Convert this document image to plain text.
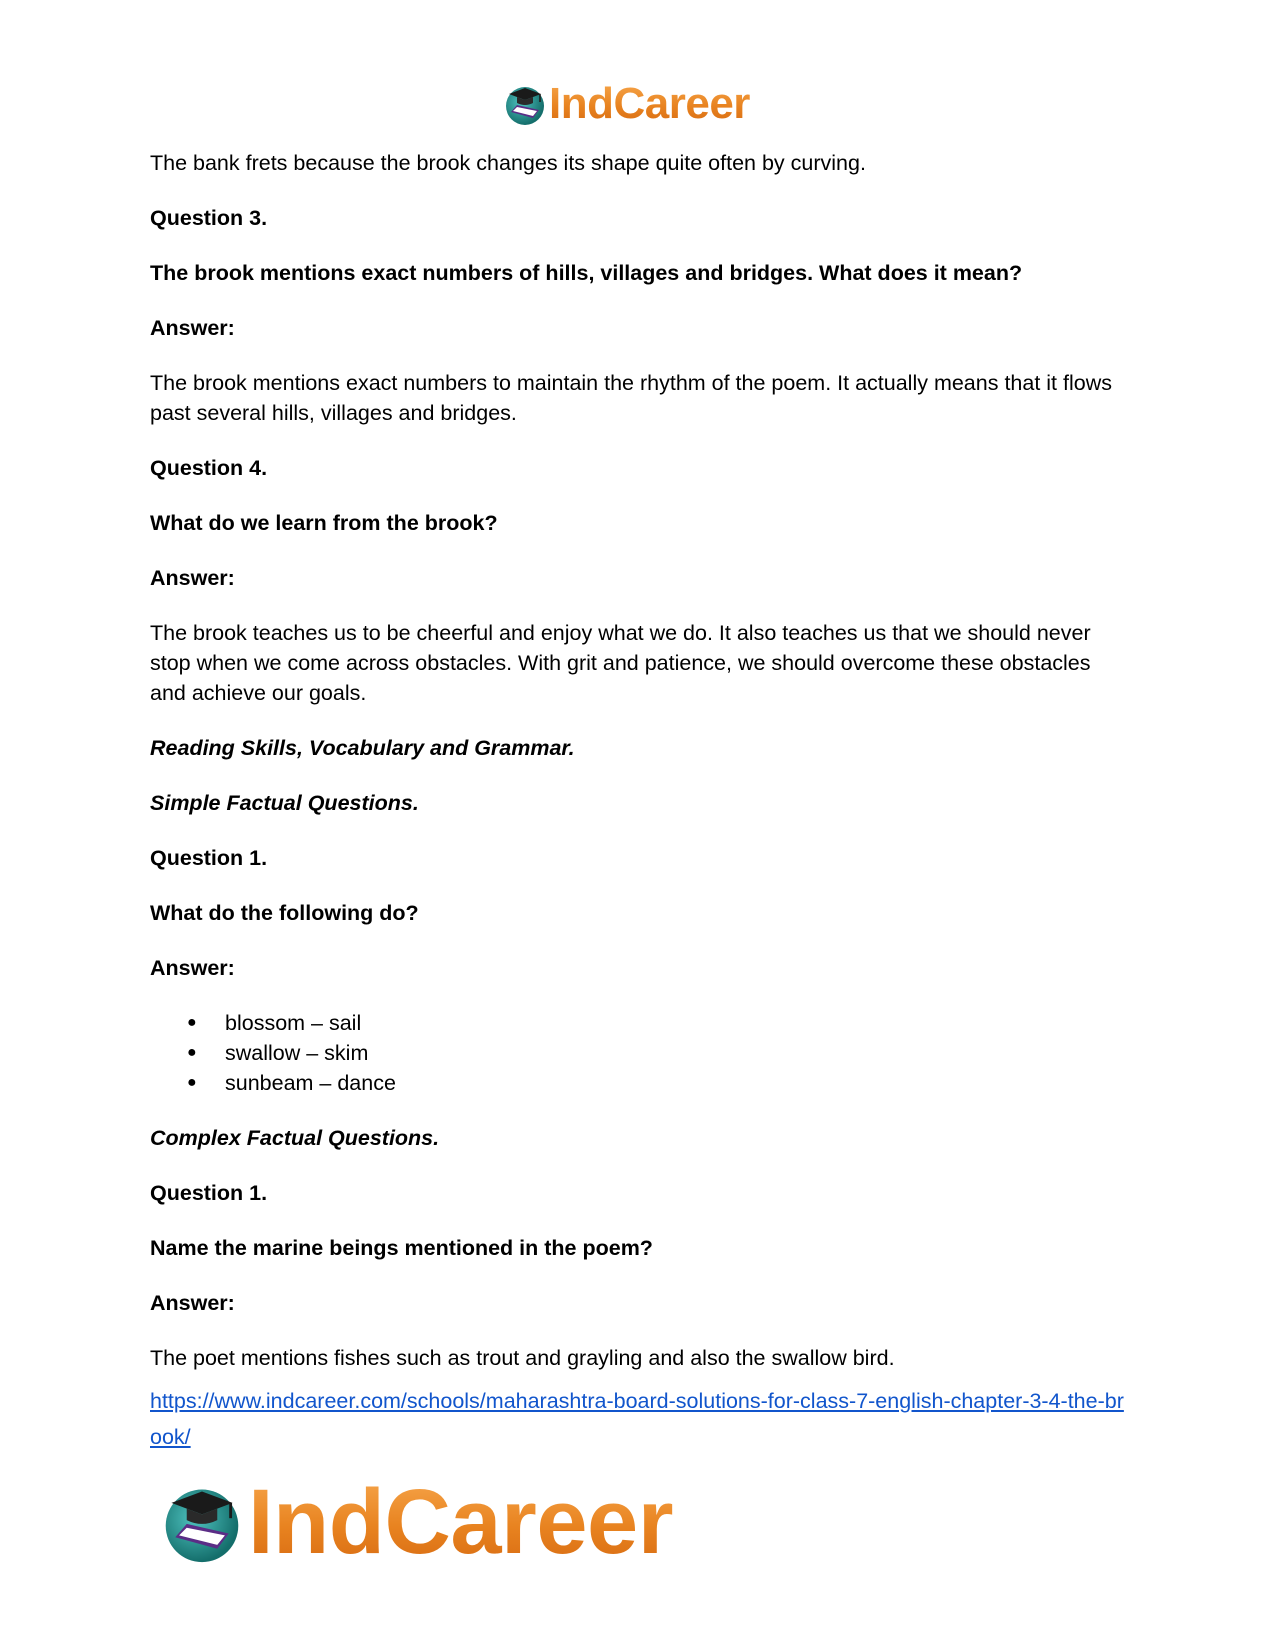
IndCareer
The bank frets because the brook changes its shape quite often by curving.
Question 3.
The brook mentions exact numbers of hills, villages and bridges. What does it mean?
Answer:
The brook mentions exact numbers to maintain the rhythm of the poem. It actually means that it flows past several hills, villages and bridges.
Question 4.
What do we learn from the brook?
Answer:
The brook teaches us to be cheerful and enjoy what we do. It also teaches us that we should never stop when we come across obstacles. With grit and patience, we should overcome these obstacles and achieve our goals.
Reading Skills, Vocabulary and Grammar.
Simple Factual Questions.
Question 1.
What do the following do?
Answer:
● blossom – sail
● swallow – skim
● sunbeam – dance
Complex Factual Questions.
Question 1.
Name the marine beings mentioned in the poem?
Answer:
The poet mentions fishes such as trout and grayling and also the swallow bird.
https://www.indcareer.com/schools/maharashtra-board-solutions-for-class-7-english-chapter-3-4-the-brook/
IndCareer
